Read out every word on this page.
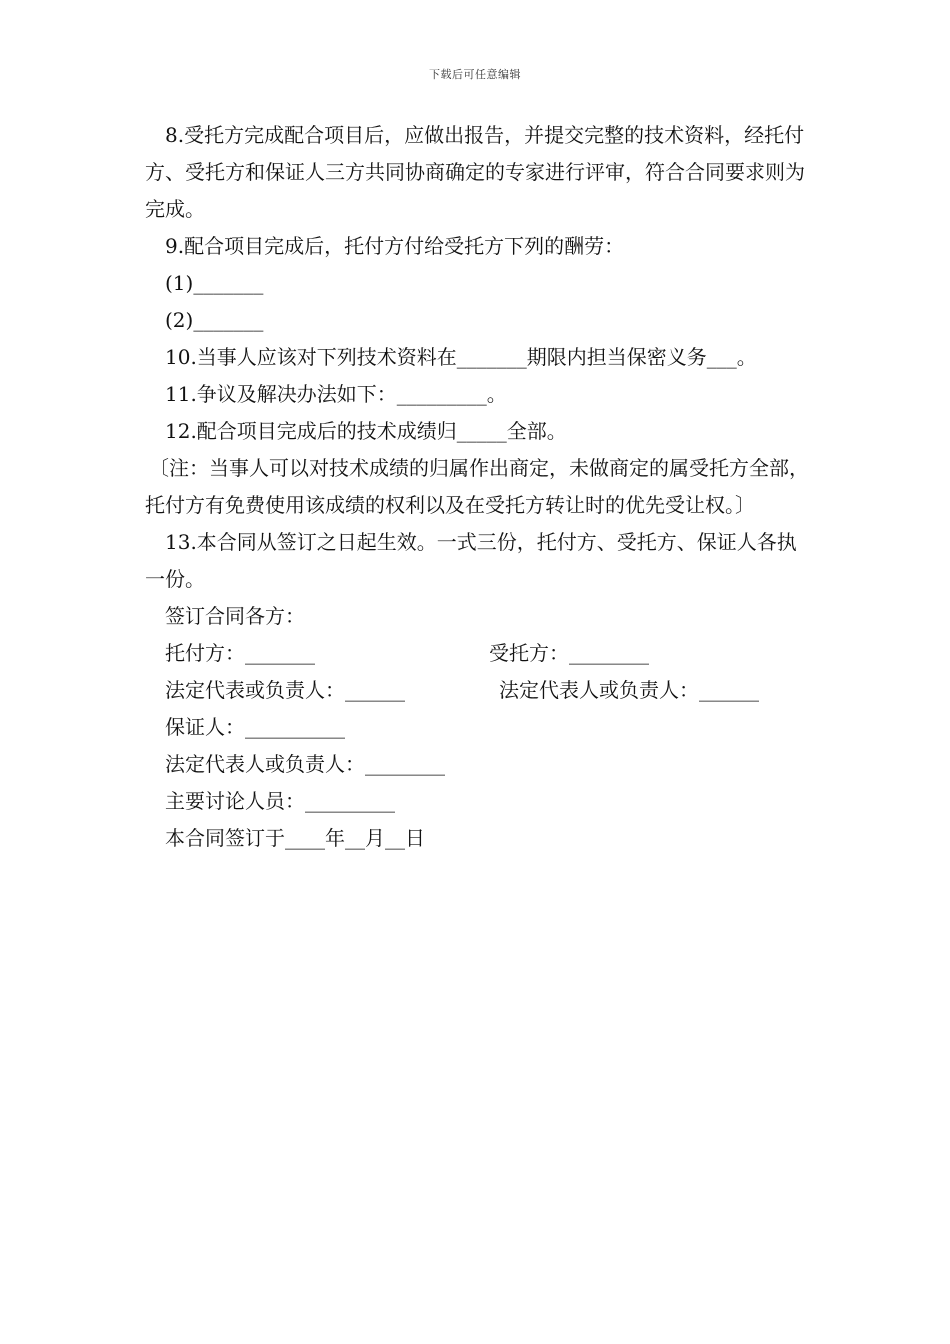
下载后可任意编辑

8.受托方完成配合项目后，应做出报告，并提交完整的技术资料，经托付方、受托方和保证人三方共同协商确定的专家进行评审，符合合同要求则为完成。

9.配合项目完成后，托付方付给受托方下列的酬劳：

(1)_______

(2)_______

10.当事人应该对下列技术资料在_______期限内担当保密义务___。

11.争议及解决办法如下：_________。

12.配合项目完成后的技术成绩归_____全部。

〔注：当事人可以对技术成绩的归属作出商定，未做商定的属受托方全部，托付方有免费使用该成绩的权利以及在受托方转让时的优先受让权。〕

13.本合同从签订之日起生效。一式三份，托付方、受托方、保证人各执一份。

签订合同各方：

托付方：_______	受托方：________
法定代表或负责人：______	法定代表人或负责人：______

保证人：__________

法定代表人或负责人：________

主要讨论人员：_________

本合同签订于____年__月__日
